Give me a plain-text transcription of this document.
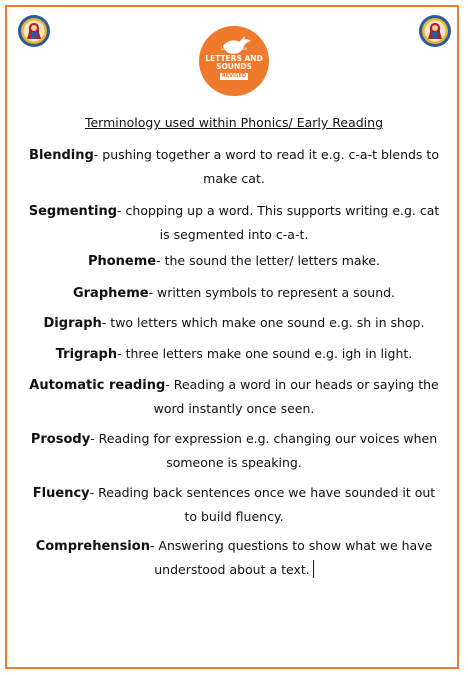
Little Wandle
LETTERS AND
SOUNDS
REVISED
Terminology used within Phonics/ Early Reading
Blending- pushing together a word to read it e.g. c-a-t blends to make cat.
Segmenting- chopping up a word. This supports writing e.g. cat is segmented into c-a-t.
Phoneme- the sound the letter/ letters make.
Grapheme- written symbols to represent a sound.
Digraph- two letters which make one sound e.g. sh in shop.
Trigraph- three letters make one sound e.g. igh in light.
Automatic reading- Reading a word in our heads or saying the word instantly once seen.
Prosody- Reading for expression e.g. changing our voices when someone is speaking.
Fluency- Reading back sentences once we have sounded it out to build fluency.
Comprehension- Answering questions to show what we have understood about a text.
